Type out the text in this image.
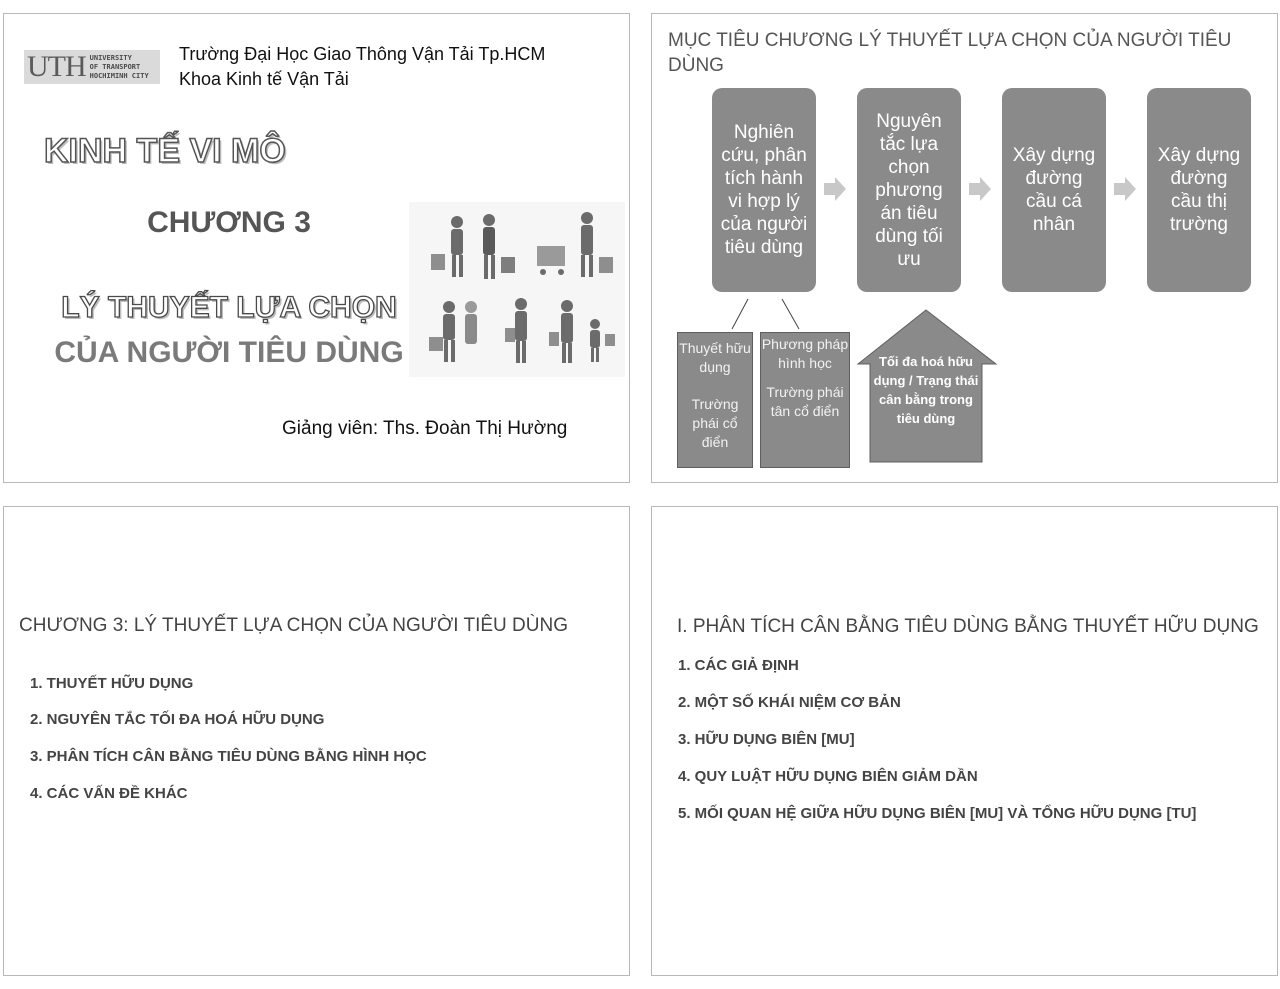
UTH UNIVERSITY
OF TRANSPORT
HOCHIMINH CITY
Trường Đại Học Giao Thông Vận Tải Tp.HCM
Khoa Kinh tế Vận Tải
KINH TẾ VI MÔ
CHƯƠNG 3
LÝ THUYẾT LỰA CHỌN
CỦA NGƯỜI TIÊU DÙNG
Giảng viên: Ths. Đoàn Thị Hường
MỤC TIÊU CHƯƠNG LÝ THUYẾT LỰA CHỌN CỦA NGƯỜI TIÊU DÙNG
Nghiên cứu, phân tích hành vi hợp lý của người tiêu dùng
Nguyên tắc lựa chọn phương án tiêu dùng tối ưu
Xây dựng đường cầu cá nhân
Xây dựng đường cầu thị trường
Thuyết hữu dụng
Trường phái cổ điển
Phương pháp hình học
Trường phái tân cổ điển
Tối đa hoá hữu dụng / Trạng thái cân bằng trong tiêu dùng
CHƯƠNG 3: LÝ THUYẾT LỰA CHỌN CỦA NGƯỜI TIÊU DÙNG
1. THUYẾT HỮU DỤNG
2. NGUYÊN TẮC TỐI ĐA HOÁ HỮU DỤNG
3. PHÂN TÍCH CÂN BẰNG TIÊU DÙNG BẰNG HÌNH HỌC
4. CÁC VẤN ĐỀ KHÁC
I. PHÂN TÍCH CÂN BẰNG TIÊU DÙNG BẰNG THUYẾT HỮU DỤNG
1. CÁC GIẢ ĐỊNH
2. MỘT SỐ KHÁI NIỆM CƠ BẢN
3. HỮU DỤNG BIÊN [MU]
4. QUY LUẬT HỮU DỤNG BIÊN GIẢM DẦN
5. MỐI QUAN HỆ GIỮA HỮU DỤNG BIÊN [MU] VÀ TỔNG HỮU DỤNG [TU]
